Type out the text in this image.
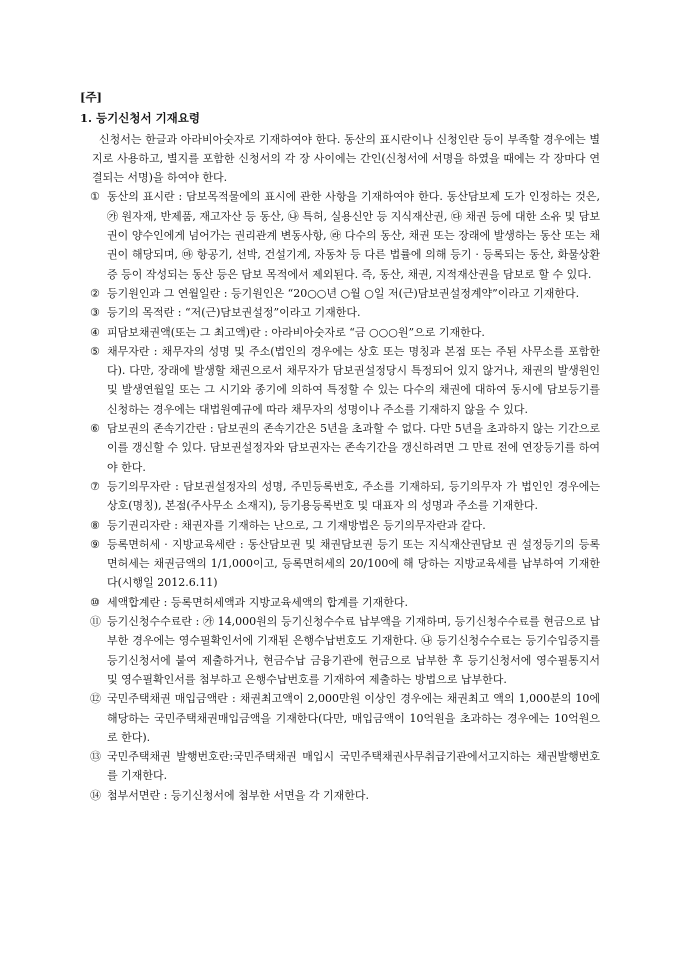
[주]
1. 등기신청서 기재요령
신청서는 한글과 아라비아숫자로 기재하여야 한다. 동산의 표시란이나 신청인란 등이 부족할 경우에는 별지로 사용하고, 별지를 포함한 신청서의 각 장 사이에는 간인(신청서에 서명을 하였을 때에는 각 장마다 연결되는 서명)을 하여야 한다.
① 동산의 표시란 : 담보목적물에의 표시에 관한 사항을 기재하여야 한다. 동산담보제 도가 인정하는 것은, ㉮ 원자재, 반제품, 재고자산 등 동산, ㉯ 특허, 실용신안 등 지식재산권, ㉰ 채권 등에 대한 소유 및 담보권이 양수인에게 넘어가는 권리관계 변동사항, ㉱ 다수의 동산, 채권 또는 장래에 발생하는 동산 또는 채권이 해당되며, ㉲ 항공기, 선박, 건설기계, 자동차 등 다른 법률에 의해 등기 · 등록되는 동산, 화물상환증 등이 작성되는 동산 등은 담보 목적에서 제외된다. 즉, 동산, 채권, 지적재산권을 담보로 할 수 있다.
② 등기원인과 그 연월일란 : 등기원인은 “20○○년 ○월 ○일 저(근)담보권설정계약”이라고 기재한다.
③ 등기의 목적란 : “저(근)담보권설정”이라고 기재한다.
④ 피담보채권액(또는 그 최고액)란 : 아라비아숫자로 “금 ○○○원”으로 기재한다.
⑤ 채무자란 : 채무자의 성명 및 주소(법인의 경우에는 상호 또는 명칭과 본점 또는 주된 사무소를 포함한다). 다만, 장래에 발생할 채권으로서 채무자가 담보권설정당시 특정되어 있지 않거나, 채권의 발생원인 및 발생연월일 또는 그 시기와 종기에 의하여 특정할 수 있는 다수의 채권에 대하여 동시에 담보등기를 신청하는 경우에는 대법원예규에 따라 채무자의 성명이나 주소를 기재하지 않을 수 있다.
⑥ 담보권의 존속기간란 : 담보권의 존속기간은 5년을 초과할 수 없다. 다만 5년을 초과하지 않는 기간으로 이를 갱신할 수 있다. 담보권설정자와 담보권자는 존속기간을 갱신하려면 그 만료 전에 연장등기를 하여야 한다.
⑦ 등기의무자란 : 담보권설정자의 성명, 주민등록번호, 주소를 기재하되, 등기의무자 가 법인인 경우에는 상호(명칭), 본점(주사무소 소재지), 등기용등록번호 및 대표자 의 성명과 주소를 기재한다.
⑧ 등기권리자란 : 채권자를 기재하는 난으로, 그 기재방법은 등기의무자란과 같다.
⑨ 등록면허세 · 지방교육세란 : 동산담보권 및 채권담보권 등기 또는 지식재산권담보 권 설정등기의 등록면허세는 채권금액의 1/1,000이고, 등록면허세의 20/100에 해 당하는 지방교육세를 납부하여 기재한다(시행일 2012.6.11)
⑩ 세액합계란 : 등록면허세액과 지방교육세액의 합계를 기재한다.
⑪ 등기신청수수료란 : ㉮ 14,000원의 등기신청수수료 납부액을 기재하며, 등기신청수수료를 현금으로 납부한 경우에는 영수필확인서에 기재된 은행수납번호도 기재한다. ㉯ 등기신청수수료는 등기수입증지를 등기신청서에 붙여 제출하거나, 현금수납 금융기관에 현금으로 납부한 후 등기신청서에 영수필통지서 및 영수필확인서를 첨부하고 은행수납번호를 기재하여 제출하는 방법으로 납부한다.
⑫ 국민주택채권 매입금액란 : 채권최고액이 2,000만원 이상인 경우에는 채권최고 액의 1,000분의 10에 해당하는 국민주택채권매입금액을 기재한다(다만, 매입금액이 10억원을 초과하는 경우에는 10억원으로 한다).
⑬ 국민주택채권 발행번호란:국민주택채권 매입시 국민주택채권사무취급기관에서고지하는 채권발행번호를 기재한다.
⑭ 첨부서면란 : 등기신청서에 첨부한 서면을 각 기재한다.
